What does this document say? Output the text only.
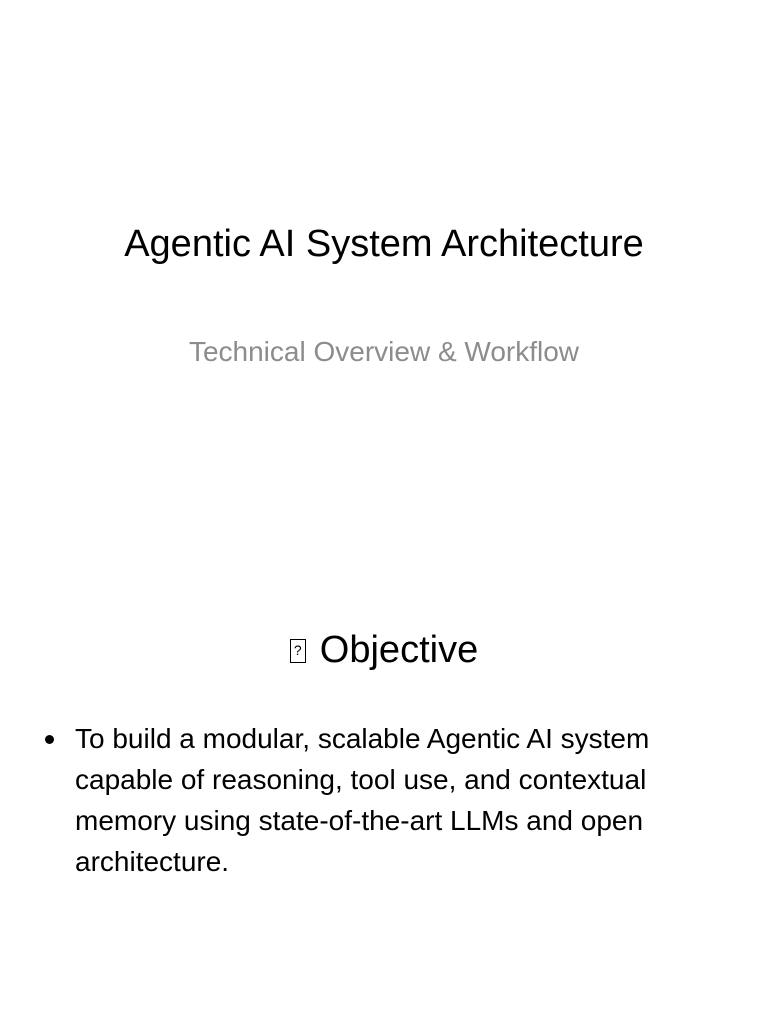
Agentic AI System Architecture
Technical Overview & Workflow
?Objective
To build a modular, scalable Agentic AI system capable of reasoning, tool use, and contextual memory using state-of-the-art LLMs and open architecture.
